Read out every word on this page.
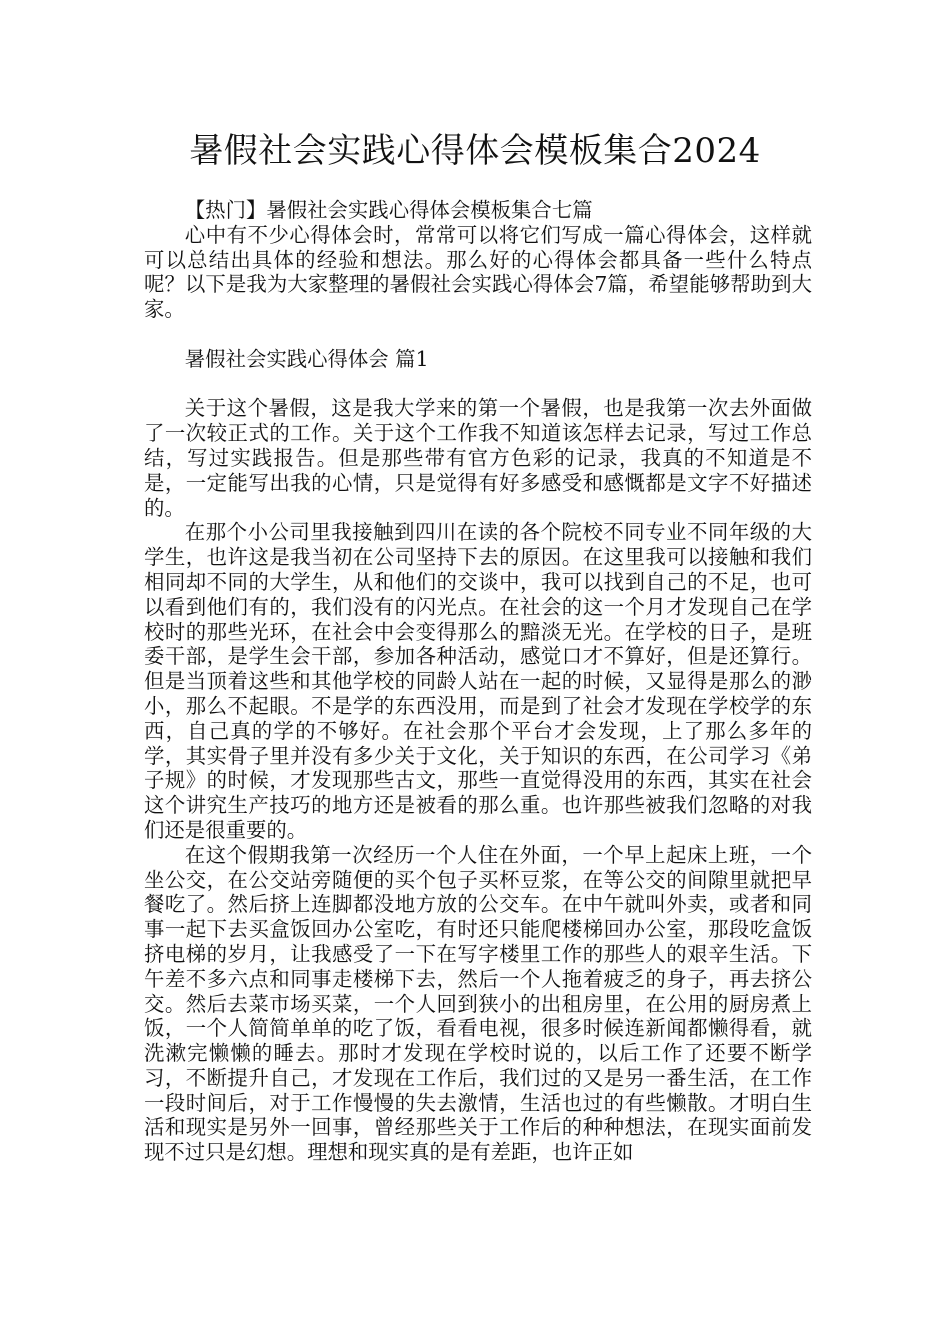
暑假社会实践心得体会模板集合2024

【热门】暑假社会实践心得体会模板集合七篇

心中有不少心得体会时，常常可以将它们写成一篇心得体会，这样就可以总结出具体的经验和想法。那么好的心得体会都具备一些什么特点呢？以下是我为大家整理的暑假社会实践心得体会7篇，希望能够帮助到大家。

暑假社会实践心得体会 篇1

关于这个暑假，这是我大学来的第一个暑假，也是我第一次去外面做了一次较正式的工作。关于这个工作我不知道该怎样去记录，写过工作总结，写过实践报告。但是那些带有官方色彩的记录，我真的不知道是不是，一定能写出我的心情，只是觉得有好多感受和感慨都是文字不好描述的。

在那个小公司里我接触到四川在读的各个院校不同专业不同年级的大学生，也许这是我当初在公司坚持下去的原因。在这里我可以接触和我们相同却不同的大学生，从和他们的交谈中，我可以找到自己的不足，也可以看到他们有的，我们没有的闪光点。在社会的这一个月才发现自己在学校时的那些光环，在社会中会变得那么的黯淡无光。在学校的日子，是班委干部，是学生会干部，参加各种活动，感觉口才不算好，但是还算行。但是当顶着这些和其他学校的同龄人站在一起的时候，又显得是那么的渺小，那么不起眼。不是学的东西没用，而是到了社会才发现在学校学的东西，自己真的学的不够好。在社会那个平台才会发现，上了那么多年的学，其实骨子里并没有多少关于文化，关于知识的东西，在公司学习《弟子规》的时候，才发现那些古文，那些一直觉得没用的东西，其实在社会这个讲究生产技巧的地方还是被看的那么重。也许那些被我们忽略的对我们还是很重要的。

在这个假期我第一次经历一个人住在外面，一个早上起床上班，一个坐公交，在公交站旁随便的买个包子买杯豆浆，在等公交的间隙里就把早餐吃了。然后挤上连脚都没地方放的公交车。在中午就叫外卖，或者和同事一起下去买盒饭回办公室吃，有时还只能爬楼梯回办公室，那段吃盒饭挤电梯的岁月，让我感受了一下在写字楼里工作的那些人的艰辛生活。下午差不多六点和同事走楼梯下去，然后一个人拖着疲乏的身子，再去挤公交。然后去菜市场买菜，一个人回到狭小的出租房里，在公用的厨房煮上饭，一个人简简单单的吃了饭，看看电视，很多时候连新闻都懒得看，就洗漱完懒懒的睡去。那时才发现在学校时说的，以后工作了还要不断学习，不断提升自己，才发现在工作后，我们过的又是另一番生活，在工作一段时间后，对于工作慢慢的失去激情，生活也过的有些懒散。才明白生活和现实是另外一回事，曾经那些关于工作后的种种想法，在现实面前发现不过只是幻想。理想和现实真的是有差距，也许正如
